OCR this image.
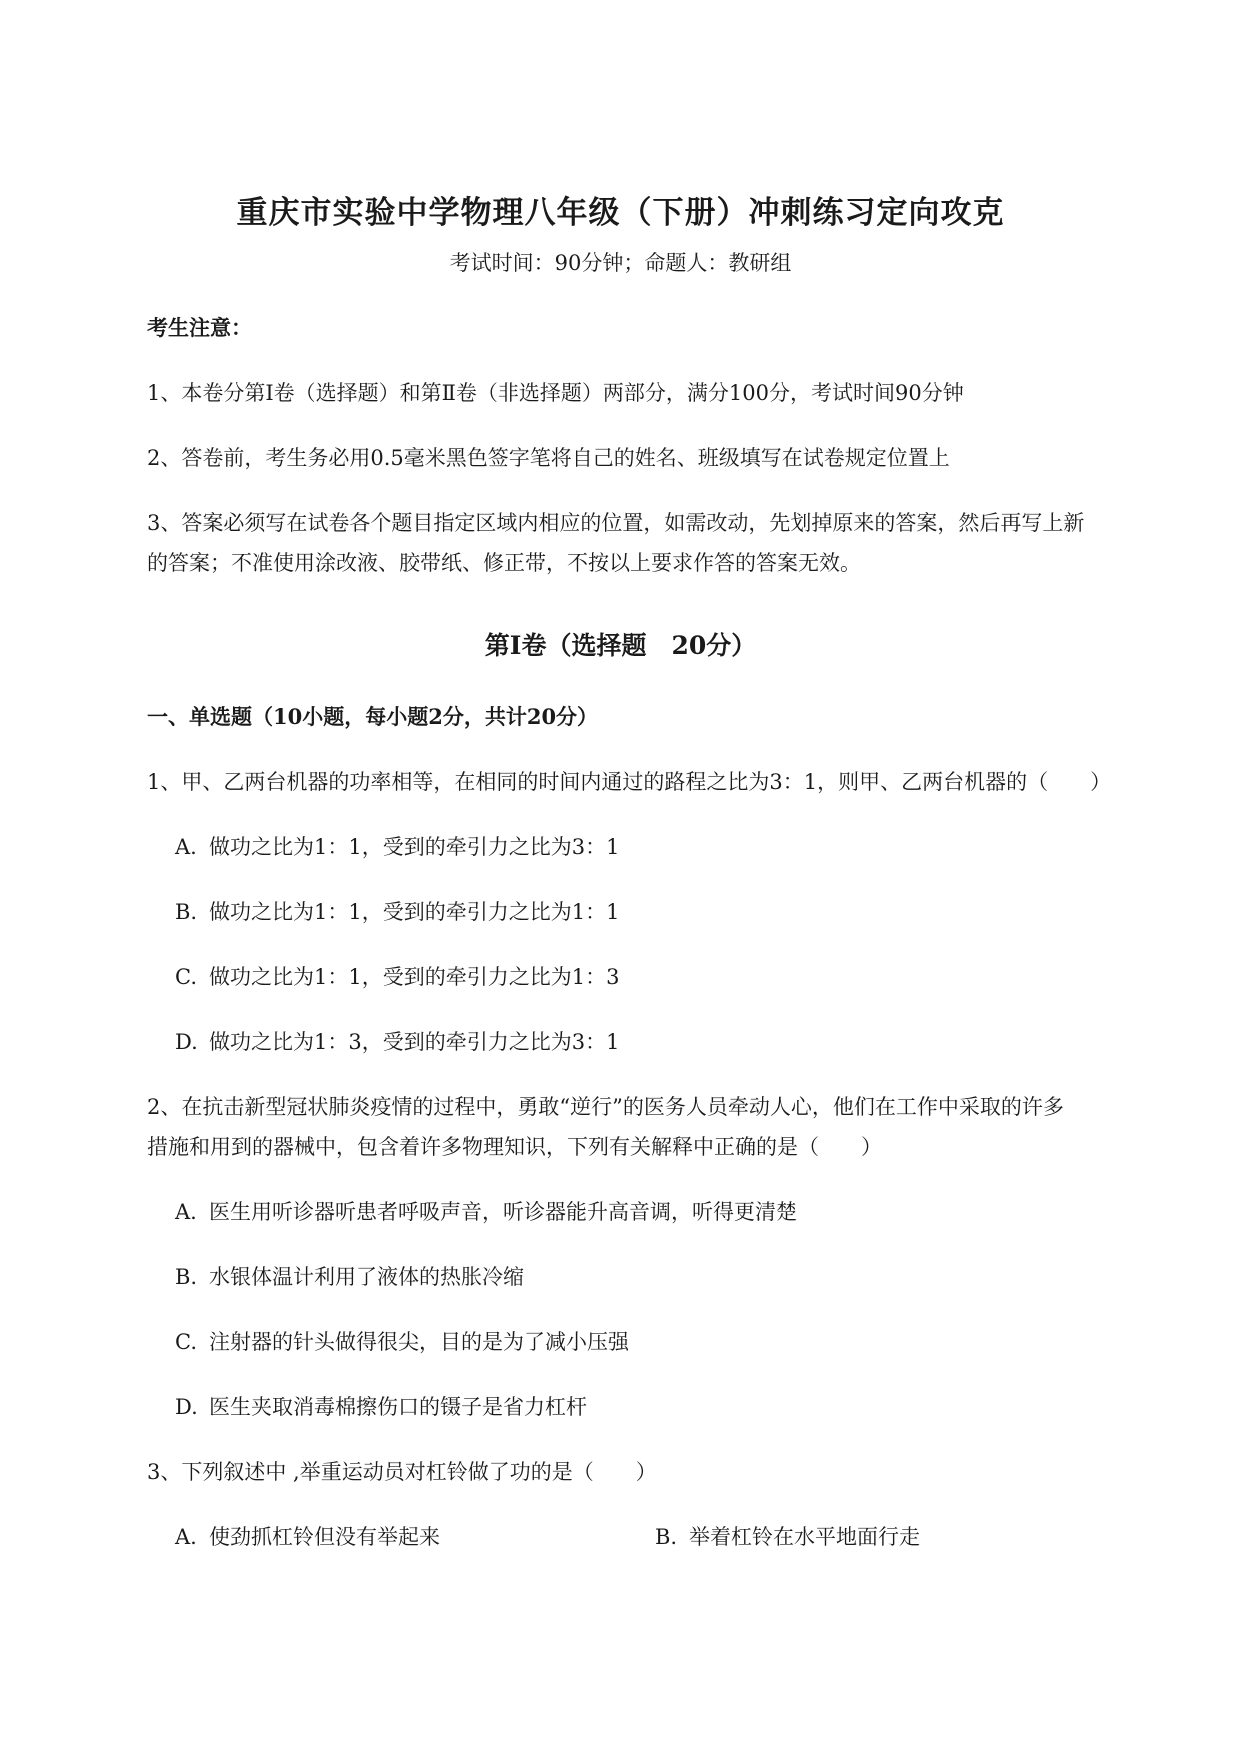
重庆市实验中学物理八年级（下册）冲刺练习定向攻克
考试时间：90分钟；命题人：教研组
考生注意：
1、本卷分第I卷（选择题）和第Ⅱ卷（非选择题）两部分，满分100分，考试时间90分钟
2、答卷前，考生务必用0.5毫米黑色签字笔将自己的姓名、班级填写在试卷规定位置上
3、答案必须写在试卷各个题目指定区域内相应的位置，如需改动，先划掉原来的答案，然后再写上新
的答案；不准使用涂改液、胶带纸、修正带，不按以上要求作答的答案无效。
第I卷（选择题　20分）
一、单选题（10小题，每小题2分，共计20分）
1、甲、乙两台机器的功率相等，在相同的时间内通过的路程之比为3：1，则甲、乙两台机器的（　　）
A. 做功之比为1：1，受到的牵引力之比为3：1
B. 做功之比为1：1，受到的牵引力之比为1：1
C. 做功之比为1：1，受到的牵引力之比为1：3
D. 做功之比为1：3，受到的牵引力之比为3：1
2、在抗击新型冠状肺炎疫情的过程中，勇敢“逆行”的医务人员牵动人心，他们在工作中采取的许多
措施和用到的器械中，包含着许多物理知识，下列有关解释中正确的是（　　）
A. 医生用听诊器听患者呼吸声音，听诊器能升高音调，听得更清楚
B. 水银体温计利用了液体的热胀冷缩
C. 注射器的针头做得很尖，目的是为了减小压强
D. 医生夹取消毒棉擦伤口的镊子是省力杠杆
3、下列叙述中 ,举重运动员对杠铃做了功的是（　　）
A. 使劲抓杠铃但没有举起来	B. 举着杠铃在水平地面行走
